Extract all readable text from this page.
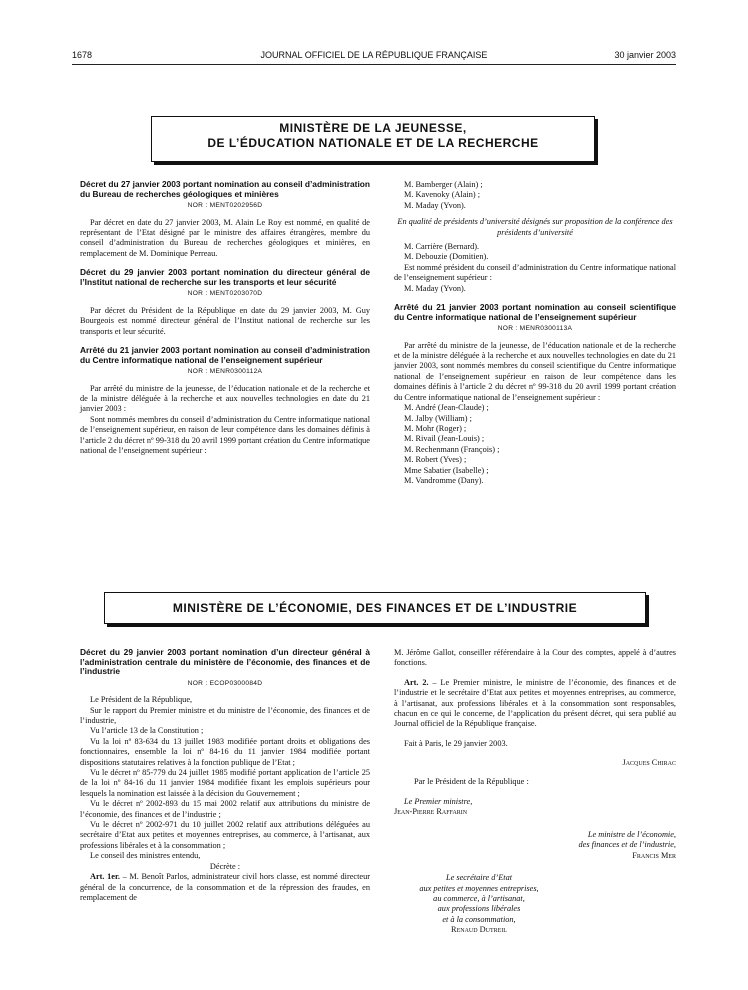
1678	JOURNAL OFFICIEL DE LA RÉPUBLIQUE FRANÇAISE	30 janvier 2003
MINISTÈRE DE LA JEUNESSE,
DE L’ÉDUCATION NATIONALE ET DE LA RECHERCHE
Décret du 27 janvier 2003 portant nomination au conseil d’administration du Bureau de recherches géologiques et minières
NOR : MENT0202956D

Par décret en date du 27 janvier 2003, M. Alain Le Roy est nommé, en qualité de représentant de l’Etat désigné par le ministre des affaires étrangères, membre du conseil d’administration du Bureau de recherches géologiques et minières, en remplacement de M. Dominique Perreau.

Décret du 29 janvier 2003 portant nomination du directeur général de l’Institut national de recherche sur les transports et leur sécurité
NOR : MENT0203070D

Par décret du Président de la République en date du 29 janvier 2003, M. Guy Bourgeois est nommé directeur général de l’Institut national de recherche sur les transports et leur sécurité.

Arrêté du 21 janvier 2003 portant nomination au conseil d’administration du Centre informatique national de l’enseignement supérieur
NOR : MENR0300112A

Par arrêté du ministre de la jeunesse, de l’éducation nationale et de la recherche et de la ministre déléguée à la recherche et aux nouvelles technologies en date du 21 janvier 2003 :

Sont nommés membres du conseil d’administration du Centre informatique national de l’enseignement supérieur, en raison de leur compétence dans les domaines définis à l’article 2 du décret nº 99-318 du 20 avril 1999 portant création du Centre informatique national de l’enseignement supérieur :

M. Bamberger (Alain) ;
M. Kavenoky (Alain) ;
M. Maday (Yvon).
En qualité de présidents d’université désignés sur proposition de la conférence des présidents d’université
M. Carrière (Bernard).
M. Debouzie (Domitien).

Est nommé président du conseil d’administration du Centre informatique national de l’enseignement supérieur :

M. Maday (Yvon).
Arrêté du 21 janvier 2003 portant nomination au conseil scientifique du Centre informatique national de l’enseignement supérieur
NOR : MENR0300113A

Par arrêté du ministre de la jeunesse, de l’éducation nationale et de la recherche et de la ministre déléguée à la recherche et aux nouvelles technologies en date du 21 janvier 2003, sont nommés membres du conseil scientifique du Centre informatique national de l’enseignement supérieur en raison de leur compétence dans les domaines définis à l’article 2 du décret nº 99-318 du 20 avril 1999 portant création du Centre informatique national de l’enseignement supérieur :

M. André (Jean-Claude) ;
M. Jalby (William) ;
M. Mohr (Roger) ;
M. Rivail (Jean-Louis) ;
M. Rechenmann (François) ;
M. Robert (Yves) ;
Mme Sabatier (Isabelle) ;
M. Vandromme (Dany).
MINISTÈRE DE L’ÉCONOMIE, DES FINANCES ET DE L’INDUSTRIE
Décret du 29 janvier 2003 portant nomination d’un directeur général à l’administration centrale du ministère de l’économie, des finances et de l’industrie
NOR : ECOP0300084D

Le Président de la République,

Sur le rapport du Premier ministre et du ministre de l’économie, des finances et de l’industrie,

Vu l’article 13 de la Constitution ;

Vu la loi nº 83-634 du 13 juillet 1983 modifiée portant droits et obligations des fonctionnaires, ensemble la loi nº 84-16 du 11 janvier 1984 modifiée portant dispositions statutaires relatives à la fonction publique de l’Etat ;

Vu le décret nº 85-779 du 24 juillet 1985 modifié portant application de l’article 25 de la loi nº 84-16 du 11 janvier 1984 modifiée fixant les emplois supérieurs pour lesquels la nomination est laissée à la décision du Gouvernement ;

Vu le décret nº 2002-893 du 15 mai 2002 relatif aux attributions du ministre de l’économie, des finances et de l’industrie ;

Vu le décret nº 2002-971 du 10 juillet 2002 relatif aux attributions déléguées au secrétaire d’Etat aux petites et moyennes entreprises, au commerce, à l’artisanat, aux professions libérales et à la consommation ;

Le conseil des ministres entendu,

Décrète :

Art. 1er. – M. Benoît Parlos, administrateur civil hors classe, est nommé directeur général de la concurrence, de la consommation et de la répression des fraudes, en remplacement de

M. Jérôme Gallot, conseiller référendaire à la Cour des comptes, appelé à d’autres fonctions.

Art. 2. – Le Premier ministre, le ministre de l’économie, des finances et de l’industrie et le secrétaire d’Etat aux petites et moyennes entreprises, au commerce, à l’artisanat, aux professions libérales et à la consommation sont responsables, chacun en ce qui le concerne, de l’application du présent décret, qui sera publié au Journal officiel de la République française.

Fait à Paris, le 29 janvier 2003.

Jacques Chirac
Par le Président de la République :
Le Premier ministre,
Jean-Pierre Raffarin
Le ministre de l’économie,
des finances et de l’industrie,
Francis Mer
Le secrétaire d’Etat
aux petites et moyennes entreprises,
au commerce, à l’artisanat,
aux professions libérales
et à la consommation,
Renaud Dutreil
